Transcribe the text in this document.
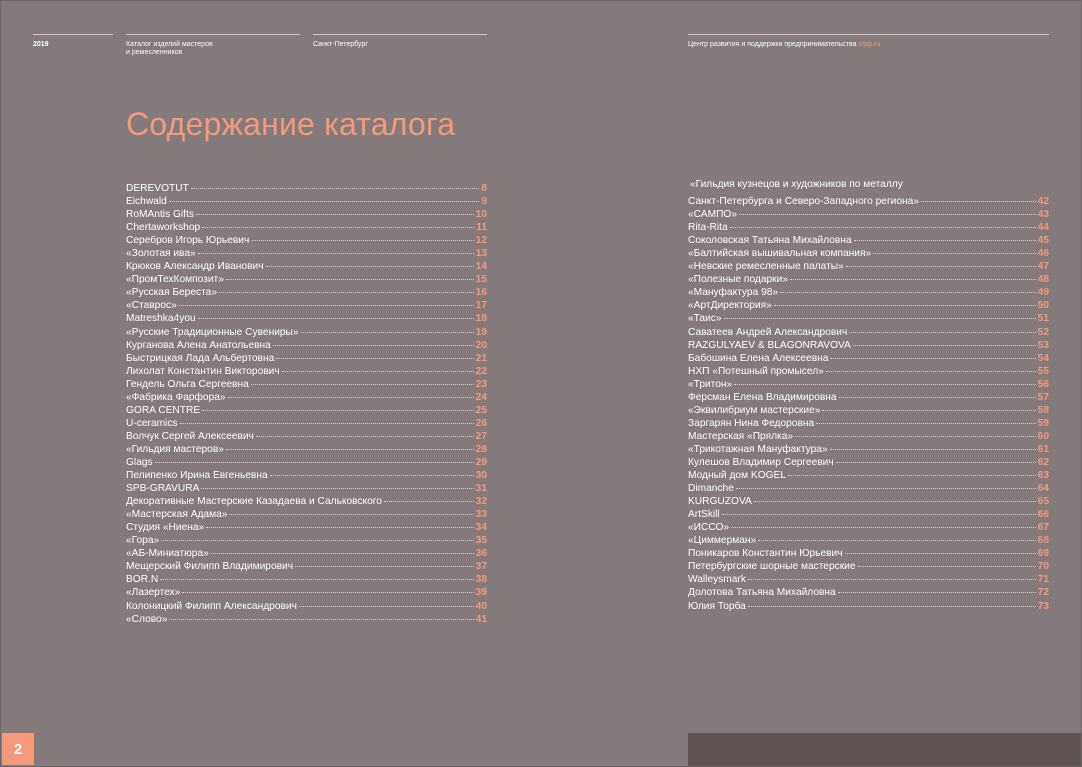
2019	Каталог изделий мастеров
и ремесленников
Санкт-Петербург	Центр развития и поддержки предпринимательства crpp.ru
Содержание каталога
DEREVOTUT	8
Eichwald	9
RoMAntis Gifts	10
Chertaworkshop	11
Серебров Игорь Юрьевич	12
«Золотая ива»	13
Крюков Александр Иванович	14
«ПромТехКомпозит»	15
«Русская Береста»	16
«Ставрос»	17
Matreshka4you	18
«Русские Традиционные Сувениры»	19
Курганова Алена Анатольевна	20
Быстрицкая Лада Альбертовна	21
Лихолат Константин Викторович	22
Гендель Ольга Сергеевна	23
«Фабрика Фарфора»	24
GORA CENTRE	25
U-ceramics	26
Волчук Сергей Алексеевич	27
«Гильдия мастеров»	28
Glags	29
Пелипенко Ирина Евгеньевна	30
SPB-GRAVURA	31
Декоративные Мастерские Казадаева и Сальковского	32
«Мастерская Адама»	33
Студия «Ниена»	34
«Гора»	35
«АБ-Миниатюра»	36
Мещерский Филипп Владимирович	37
BOR.N	38
«Лазертех»	39
Колоницкий Филипп Александрович	40
«Слово»	41
«Гильдия кузнецов и художников по металлу
Санкт-Петербурга и Северо-Западного региона»	42
«САМПО»	43
Rita-Rita	44
Соколовская Татьяна Михайловна	45
«Балтийская вышивальная компания»	46
«Невские ремесленные палаты»	47
«Полезные подарки»	48
«Мануфактура 98»	49
«АртДиректория»	50
«Таис»	51
Саватеев Андрей Александрович	52
RAZGULYAEV & BLAGONRAVOVA	53
Бабошина Елена Алексеевна	54
НХП «Потешный промысел»	55
«Тритон»	56
Ферсман Елена Владимировна	57
«Эквилибриум мастерские»	58
Заргарян Нина Федоровна	59
Мастерская «Прялка»	60
«Трикотажная Мануфактура»	61
Кулешов Владимир Сергеевич	62
Модный дом KOGEL	63
Dimanche	64
KURGUZOVA	65
ArtSkill	66
«ИССО»	67
«Циммерман»	68
Поникаров Константин Юрьевич	69
Петербургские шорные мастерские	70
Walleysmark	71
Долотова Татьяна Михайловна	72
Юлия Торба	73
2
